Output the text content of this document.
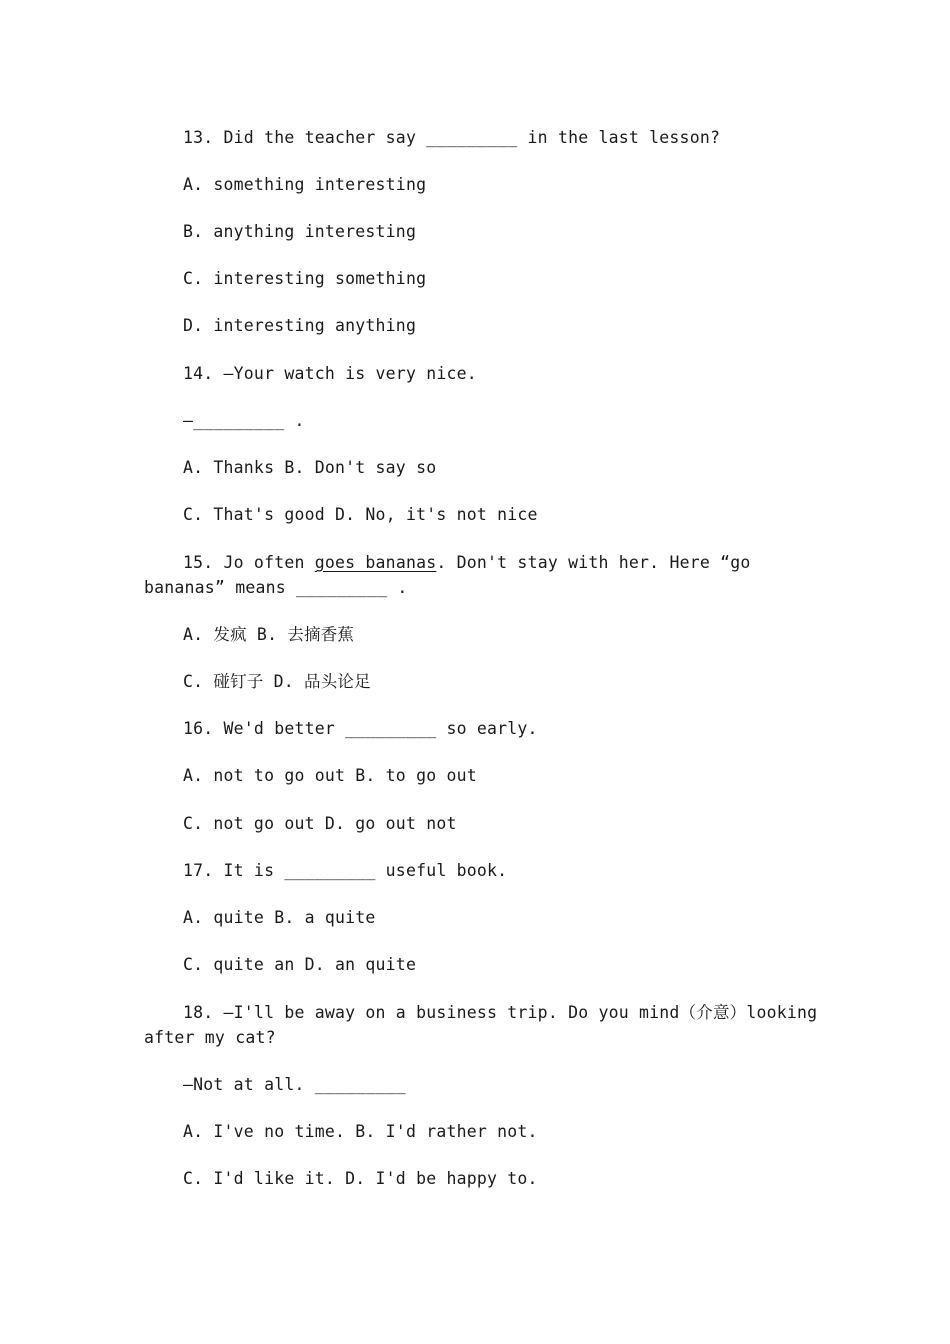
13. Did the teacher say _________ in the last lesson?
A. something interesting
B. anything interesting
C. interesting something
D. interesting anything
14. —Your watch is very nice.
—_________ .
A. Thanks B. Don't say so
C. That's good D. No, it's not nice
15. Jo often goes bananas. Don't stay with her. Here “go
bananas” means _________ .
A. 发疯 B. 去摘香蕉
C. 碰钉子 D. 品头论足
16. We'd better _________ so early.
A. not to go out B. to go out
C. not go out D. go out not
17. It is _________ useful book.
A. quite B. a quite
C. quite an D. an quite
18. —I'll be away on a business trip. Do you mind（介意）looking
after my cat?
—Not at all. _________
A. I've no time. B. I'd rather not.
C. I'd like it. D. I'd be happy to.
